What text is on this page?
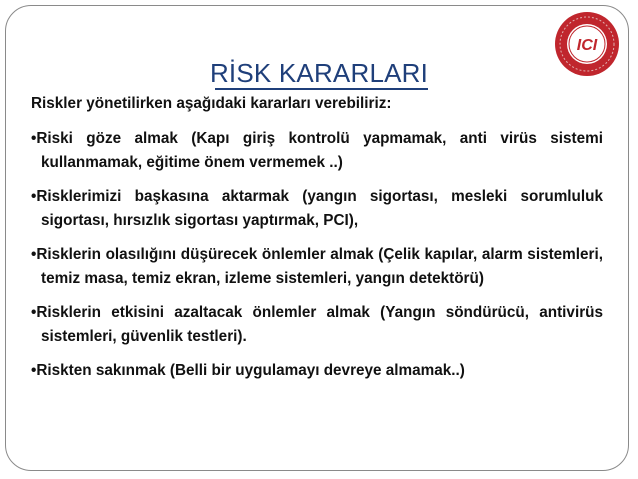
ICI
RİSK KARARLARI

Riskler yönetilirken aşağıdaki kararları verebiliriz:

•Riski göze almak (Kapı giriş kontrolü yapmamak, anti virüs sistemi kullanmamak, eğitime önem vermemek ..)

•Risklerimizi başkasına aktarmak (yangın sigortası, mesleki sorumluluk sigortası, hırsızlık sigortası yaptırmak, PCI),

•Risklerin olasılığını düşürecek önlemler almak (Çelik kapılar, alarm sistemleri, temiz masa, temiz ekran, izleme sistemleri, yangın detektörü)

•Risklerin etkisini azaltacak önlemler almak (Yangın söndürücü, antivirüs sistemleri, güvenlik testleri).

•Riskten sakınmak (Belli bir uygulamayı devreye almamak..)
